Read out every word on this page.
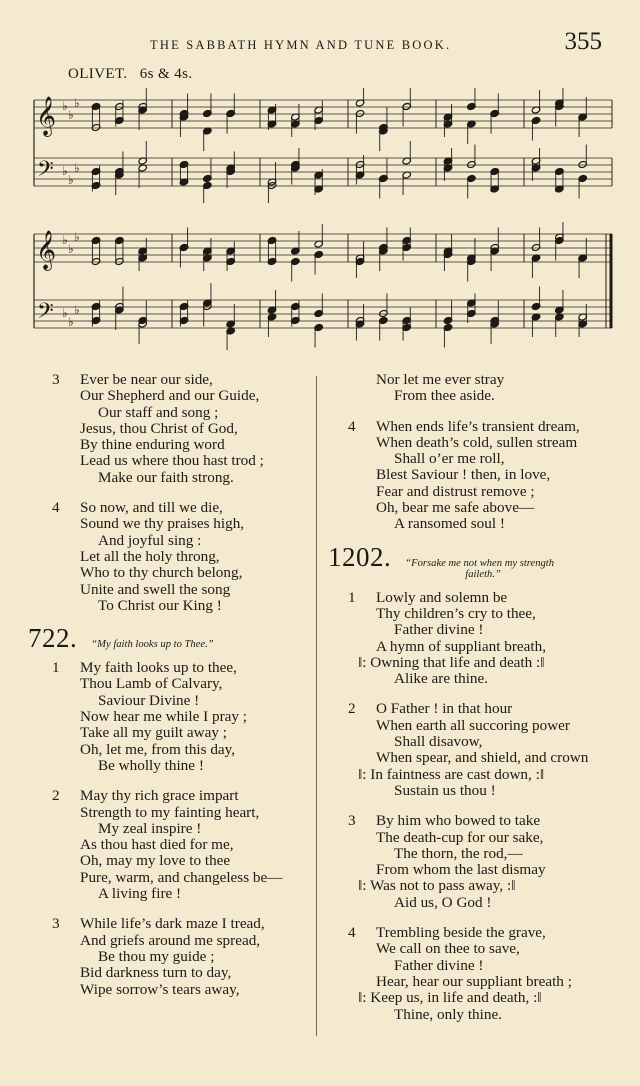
THE SABBATH HYMN AND TUNE BOOK.	355
OLIVET. 6s & 4s.
𝄞
𝄢
♭
♭
♭
♭
♭
♭
𝄞
𝄢
♭
♭
♭
♭
♭
♭
3	Ever be near our side,
Our Shepherd and our Guide,
Our staff and song ;
Jesus, thou Christ of God,
By thine enduring word
Lead us where thou hast trod ;
Make our faith strong.
4	So now, and till we die,
Sound we thy praises high,
And joyful sing :
Let all the holy throng,
Who to thy church belong,
Unite and swell the song
To Christ our King !
722. “My faith looks up to Thee.”
1	My faith looks up to thee,
Thou Lamb of Calvary,
Saviour Divine !
Now hear me while I pray ;
Take all my guilt away ;
Oh, let me, from this day,
Be wholly thine !
2	May thy rich grace impart
Strength to my fainting heart,
My zeal inspire !
As thou hast died for me,
Oh, may my love to thee
Pure, warm, and changeless be—
A living fire !
3	While life’s dark maze I tread,
And griefs around me spread,
Be thou my guide ;
Bid darkness turn to day,
Wipe sorrow’s tears away,
Nor let me ever stray
From thee aside.
4	When ends life’s transient dream,
When death’s cold, sullen stream
Shall o’er me roll,
Blest Saviour ! then, in love,
Fear and distrust remove ;
Oh, bear me safe above—
A ransomed soul !
1202. “Forsake me not when my strength
faileth.”
1	Lowly and solemn be
Thy children’s cry to thee,
Father divine !
A hymn of suppliant breath,
‖: Owning that life and death :‖
Alike are thine.
2	O Father ! in that hour
When earth all succoring power
Shall disavow,
When spear, and shield, and crown
‖: In faintness are cast down, :‖
Sustain us thou !
3	By him who bowed to take
The death-cup for our sake,
The thorn, the rod,—
From whom the last dismay
‖: Was not to pass away, :‖
Aid us, O God !
4	Trembling beside the grave,
We call on thee to save,
Father divine !
Hear, hear our suppliant breath ;
‖: Keep us, in life and death, :‖
Thine, only thine.
